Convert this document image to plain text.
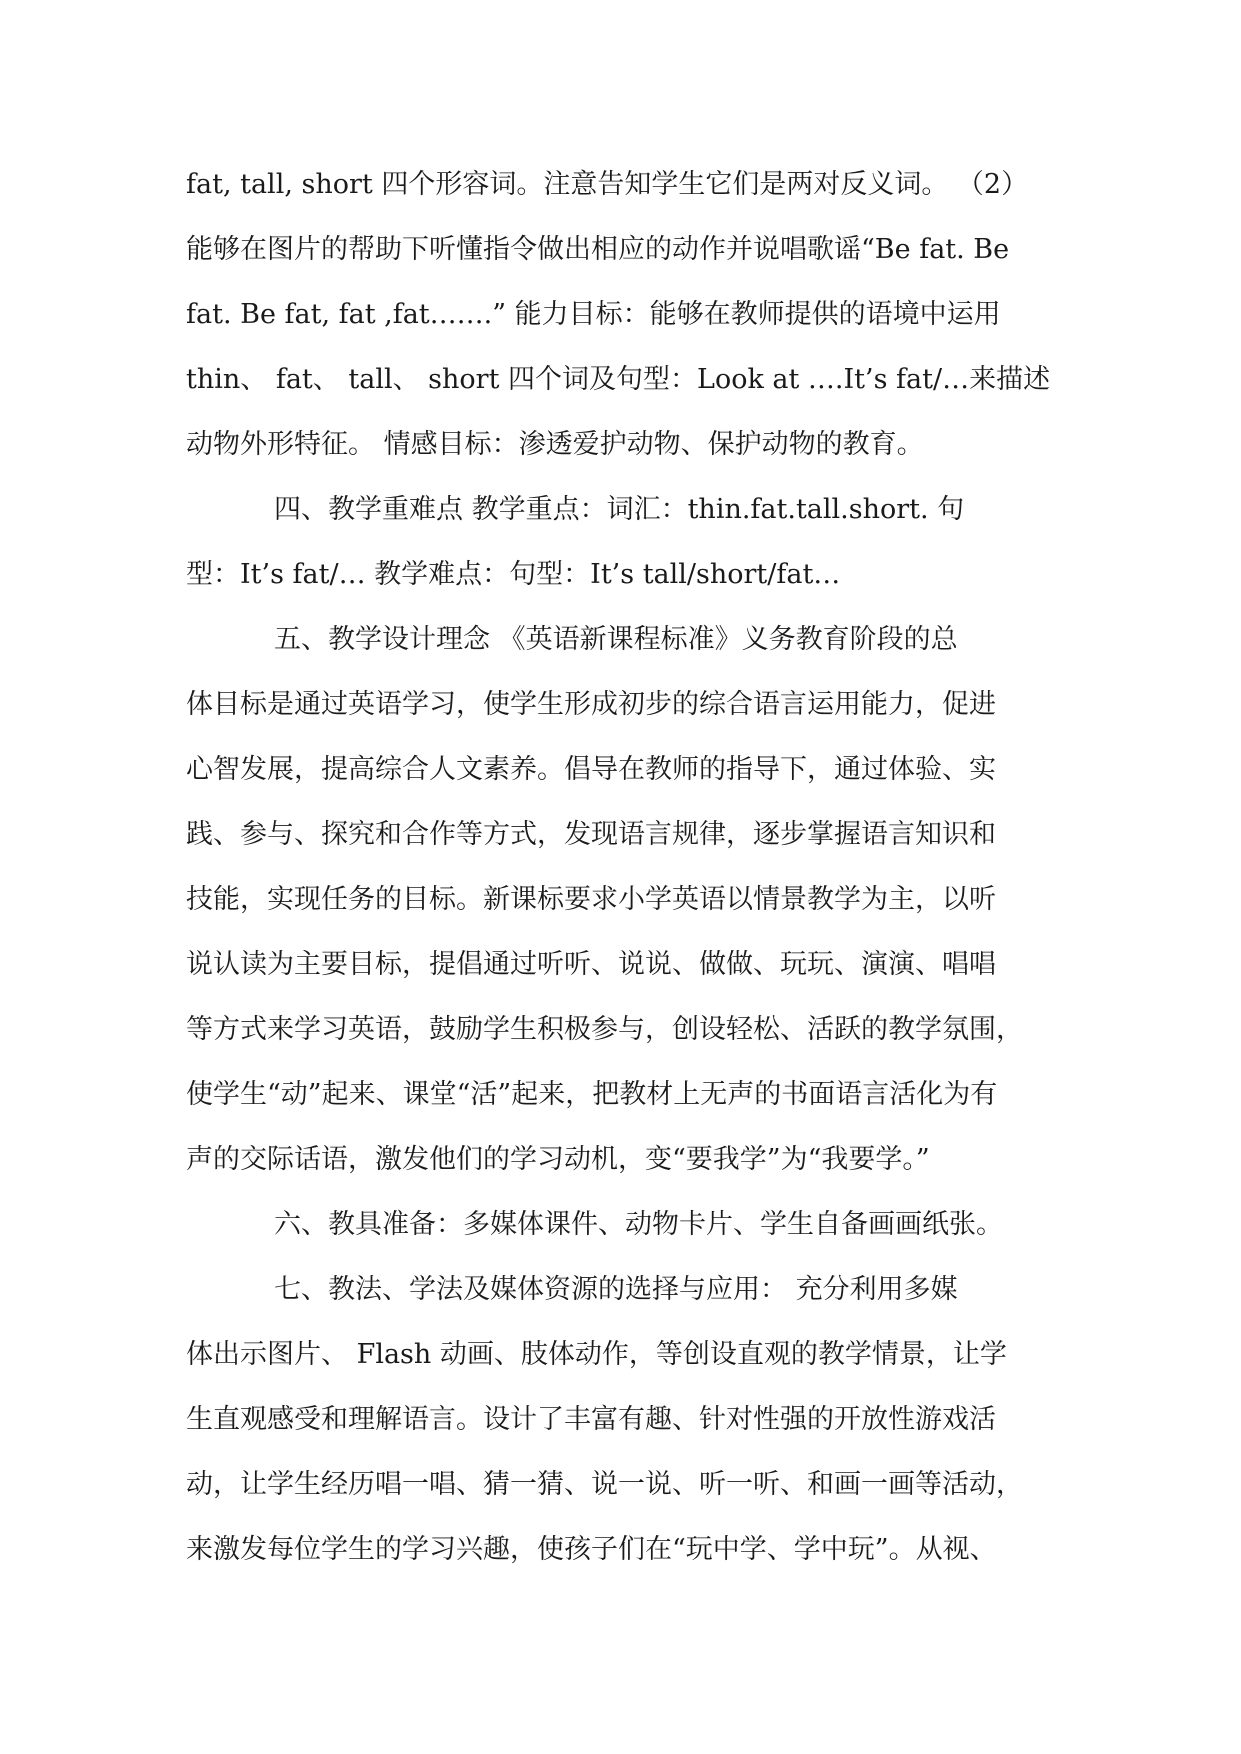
fat, tall, short 四个形容词。注意告知学生它们是两对反义词。 （2）
能够在图片的帮助下听懂指令做出相应的动作并说唱歌谣“Be fat. Be
fat. Be fat, fat ,fat…….” 能力目标：能够在教师提供的语境中运用
thin、 fat、 tall、 short 四个词及句型：Look at ….It’s fat/…来描述
动物外形特征。 情感目标：渗透爱护动物、保护动物的教育。
四、教学重难点 教学重点：词汇：thin.fat.tall.short. 句
型：It’s fat/… 教学难点：句型：It’s tall/short/fat…
五、教学设计理念 《英语新课程标准》义务教育阶段的总
体目标是通过英语学习，使学生形成初步的综合语言运用能力，促进
心智发展，提高综合人文素养。倡导在教师的指导下，通过体验、实
践、参与、探究和合作等方式，发现语言规律，逐步掌握语言知识和
技能，实现任务的目标。新课标要求小学英语以情景教学为主，以听
说认读为主要目标，提倡通过听听、说说、做做、玩玩、演演、唱唱
等方式来学习英语，鼓励学生积极参与，创设轻松、活跃的教学氛围，
使学生“动”起来、课堂“活”起来，把教材上无声的书面语言活化为有
声的交际话语，激发他们的学习动机，变“要我学”为“我要学。”
六、教具准备：多媒体课件、动物卡片、学生自备画画纸张。
七、教法、学法及媒体资源的选择与应用： 充分利用多媒
体出示图片、 Flash 动画、肢体动作，等创设直观的教学情景，让学
生直观感受和理解语言。设计了丰富有趣、针对性强的开放性游戏活
动，让学生经历唱一唱、猜一猜、说一说、听一听、和画一画等活动，
来激发每位学生的学习兴趣，使孩子们在“玩中学、学中玩”。从视、
